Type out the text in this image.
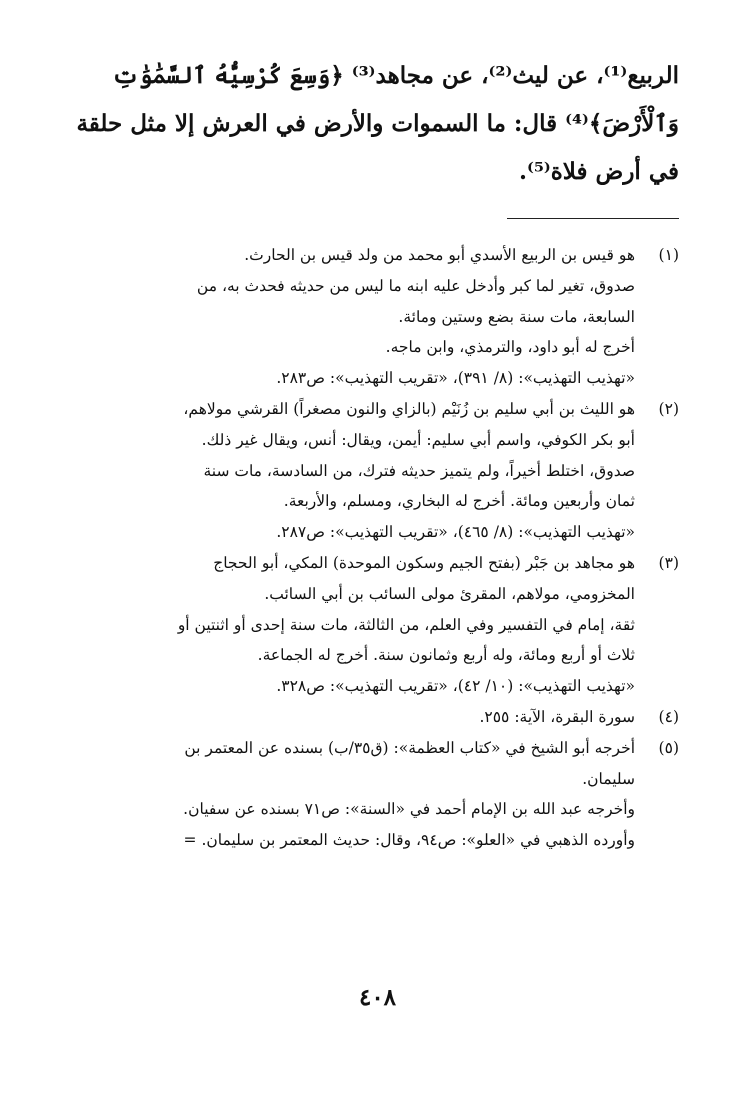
الربيع⁽¹⁾، عن ليث⁽²⁾، عن مجاهد⁽³⁾ ﴿وَسِعَ كُرْسِيُّهُ ٱلسَّمَٰوَٰتِ
وَٱلْأَرْضَ﴾⁽⁴⁾ قال: ما السموات والأرض في العرش إلا مثل حلقة
في أرض فلاة⁽⁵⁾.
(١)
هو قيس بن الربيع الأسدي أبو محمد من ولد قيس بن الحارث.
صدوق، تغير لما كبر وأدخل عليه ابنه ما ليس من حديثه فحدث به، من
السابعة، مات سنة بضع وستين ومائة.
أخرج له أبو داود، والترمذي، وابن ماجه.
«تهذيب التهذيب»: (٨/ ٣٩١)، «تقريب التهذيب»: ص٢٨٣.
(٢)
هو الليث بن أبي سليم بن زُنَيْم (بالزاي والنون مصغراً) القرشي مولاهم،
أبو بكر الكوفي، واسم أبي سليم: أيمن، ويقال: أنس، ويقال غير ذلك.
صدوق، اختلط أخيراً، ولم يتميز حديثه فترك، من السادسة، مات سنة
ثمان وأربعين ومائة. أخرج له البخاري، ومسلم، والأربعة.
«تهذيب التهذيب»: (٨/ ٤٦٥)، «تقريب التهذيب»: ص٢٨٧.
(٣)
هو مجاهد بن جَبْر (بفتح الجيم وسكون الموحدة) المكي، أبو الحجاج
المخزومي، مولاهم، المقرئ مولى السائب بن أبي السائب.
ثقة، إمام في التفسير وفي العلم، من الثالثة، مات سنة إحدى أو اثنتين أو
ثلاث أو أربع ومائة، وله أربع وثمانون سنة. أخرج له الجماعة.
«تهذيب التهذيب»: (١٠/ ٤٢)، «تقريب التهذيب»: ص٣٢٨.
(٤)
سورة البقرة، الآية: ٢٥٥.
(٥)
أخرجه أبو الشيخ في «كتاب العظمة»: (ق٣٥/ب) بسنده عن المعتمر بن
سليمان.
وأخرجه عبد الله بن الإمام أحمد في «السنة»: ص٧١ بسنده عن سفيان.
وأورده الذهبي في «العلو»: ص٩٤، وقال: حديث المعتمر بن سليمان. =
٤٠٨
